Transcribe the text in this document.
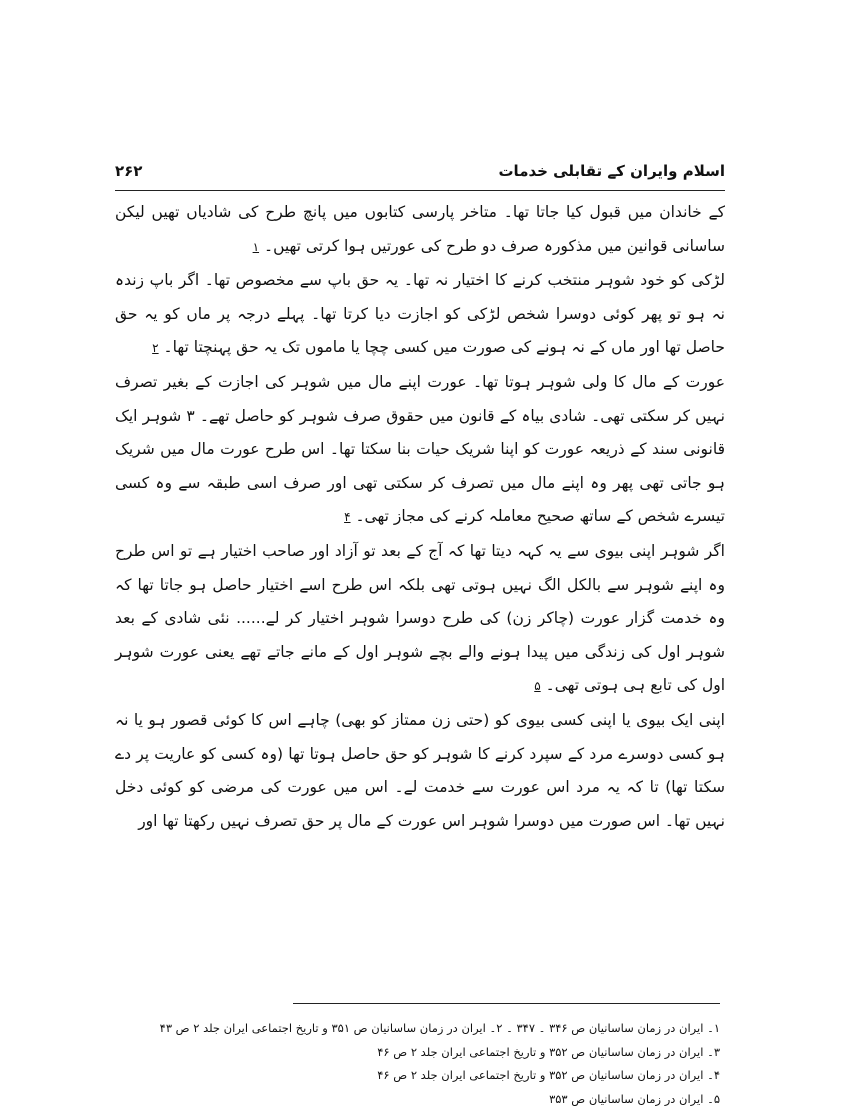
اسلام وایران کے تقابلی خدمات
۲۶۲

کے خاندان میں قبول کیا جاتا تھا۔ متاخر پارسی کتابوں میں پانچ طرح کی شادیاں تھیں لیکن ساسانی قوانین میں مذکورہ صرف دو طرح کی عورتیں ہوا کرتی تھیں۔ ۱

لڑکی کو خود شوہر منتخب کرنے کا اختیار نہ تھا۔ یہ حق باپ سے مخصوص تھا۔ اگر باپ زندہ نہ ہو تو پھر کوئی دوسرا شخص لڑکی کو اجازت دیا کرتا تھا۔ پہلے درجہ پر ماں کو یہ حق حاصل تھا اور ماں کے نہ ہونے کی صورت میں کسی چچا یا ماموں تک یہ حق پہنچتا تھا۔ ۲

عورت کے مال کا ولی شوہر ہوتا تھا۔ عورت اپنے مال میں شوہر کی اجازت کے بغیر تصرف نہیں کر سکتی تھی۔ شادی بیاہ کے قانون میں حقوق صرف شوہر کو حاصل تھے۔ ۳ شوہر ایک قانونی سند کے ذریعہ عورت کو اپنا شریک حیات بنا سکتا تھا۔ اس طرح عورت مال میں شریک ہو جاتی تھی پھر وہ اپنے مال میں تصرف کر سکتی تھی اور صرف اسی طبقہ سے وہ کسی تیسرے شخص کے ساتھ صحیح معاملہ کرنے کی مجاز تھی۔ ۴

اگر شوہر اپنی بیوی سے یہ کہہ دیتا تھا کہ آج کے بعد تو آزاد اور صاحب اختیار ہے تو اس طرح وہ اپنے شوہر سے بالکل الگ نہیں ہوتی تھی بلکہ اس طرح اسے اختیار حاصل ہو جاتا تھا کہ وہ خدمت گزار عورت (چاکر زن) کی طرح دوسرا شوہر اختیار کر لے...... نئی شادی کے بعد شوہر اول کی زندگی میں پیدا ہونے والے بچے شوہر اول کے مانے جاتے تھے یعنی عورت شوہر اول کی تابع ہی ہوتی تھی۔ ۵

اپنی ایک بیوی یا اپنی کسی بیوی کو (حتی زن ممتاز کو بھی) چاہے اس کا کوئی قصور ہو یا نہ ہو کسی دوسرے مرد کے سپرد کرنے کا شوہر کو حق حاصل ہوتا تھا (وہ کسی کو عاریت پر دے سکتا تھا) تا کہ یہ مرد اس عورت سے خدمت لے۔ اس میں عورت کی مرضی کو کوئی دخل نہیں تھا۔ اس صورت میں دوسرا شوہر اس عورت کے مال پر حق تصرف نہیں رکھتا تھا اور

۱۔ ایران در زمان ساسانیان ص ۳۴۶ ۔ ۳۴۷ ۔ ۲۔ ایران در زمان ساسانیان ص ۳۵۱ و تاریخ اجتماعی ایران جلد ۲ ص ۴۳

۳۔ ایران در زمان ساسانیان ص ۳۵۲ و تاریخ اجتماعی ایران جلد ۲ ص ۴۶

۴۔ ایران در زمان ساسانیان ص ۳۵۲ و تاریخ اجتماعی ایران جلد ۲ ص ۴۶

۵۔ ایران در زمان ساسانیان ص ۳۵۳
